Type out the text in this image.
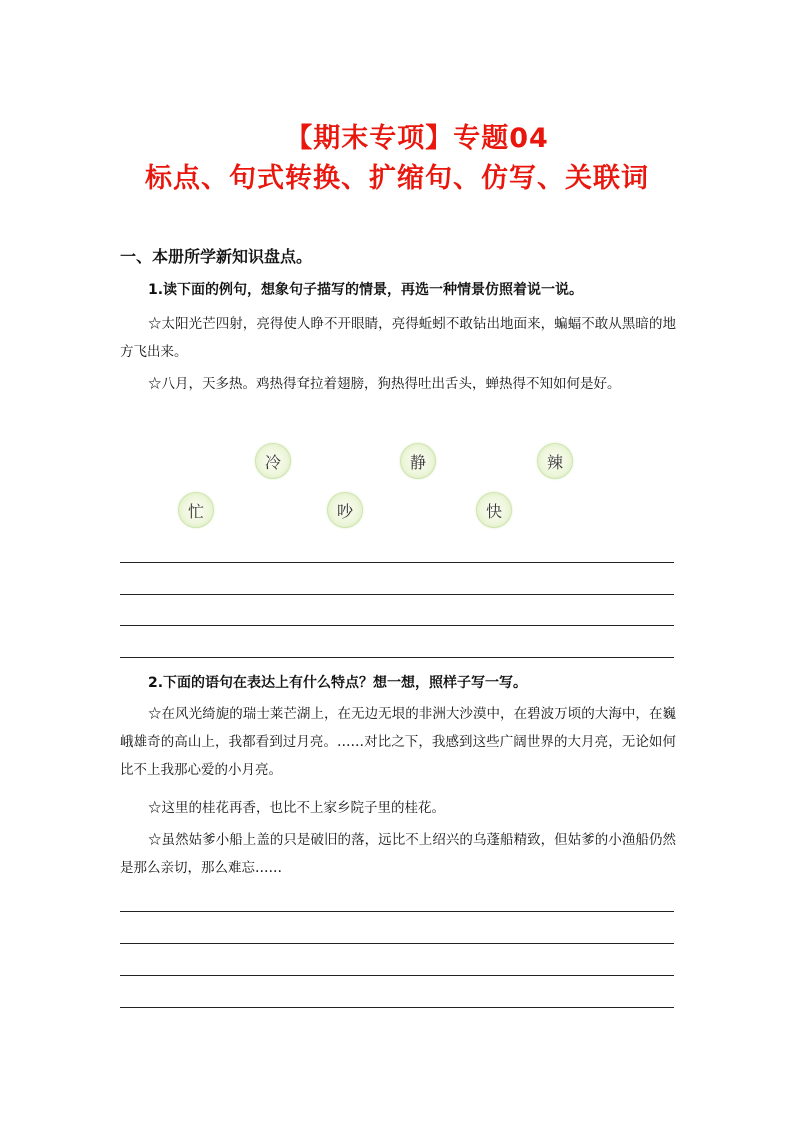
【期末专项】专题04
标点、句式转换、扩缩句、仿写、关联词
一、本册所学新知识盘点。
1.读下面的例句，想象句子描写的情景，再选一种情景仿照着说一说。
☆太阳光芒四射，亮得使人睁不开眼睛，亮得蚯蚓不敢钻出地面来，蝙蝠不敢从黑暗的地方飞出来。
☆八月，天多热。鸡热得耷拉着翅膀，狗热得吐出舌头，蝉热得不知如何是好。
冷	静	辣
忙	吵	快
2.下面的语句在表达上有什么特点？想一想，照样子写一写。
☆在风光绮旎的瑞士莱芒湖上，在无边无垠的非洲大沙漠中，在碧波万顷的大海中，在巍峨雄奇的高山上，我都看到过月亮。……对比之下，我感到这些广阔世界的大月亮，无论如何比不上我那心爱的小月亮。
☆这里的桂花再香，也比不上家乡院子里的桂花。
☆虽然姑爹小船上盖的只是破旧的落，远比不上绍兴的乌蓬船精致，但姑爹的小渔船仍然是那么亲切，那么难忘……
